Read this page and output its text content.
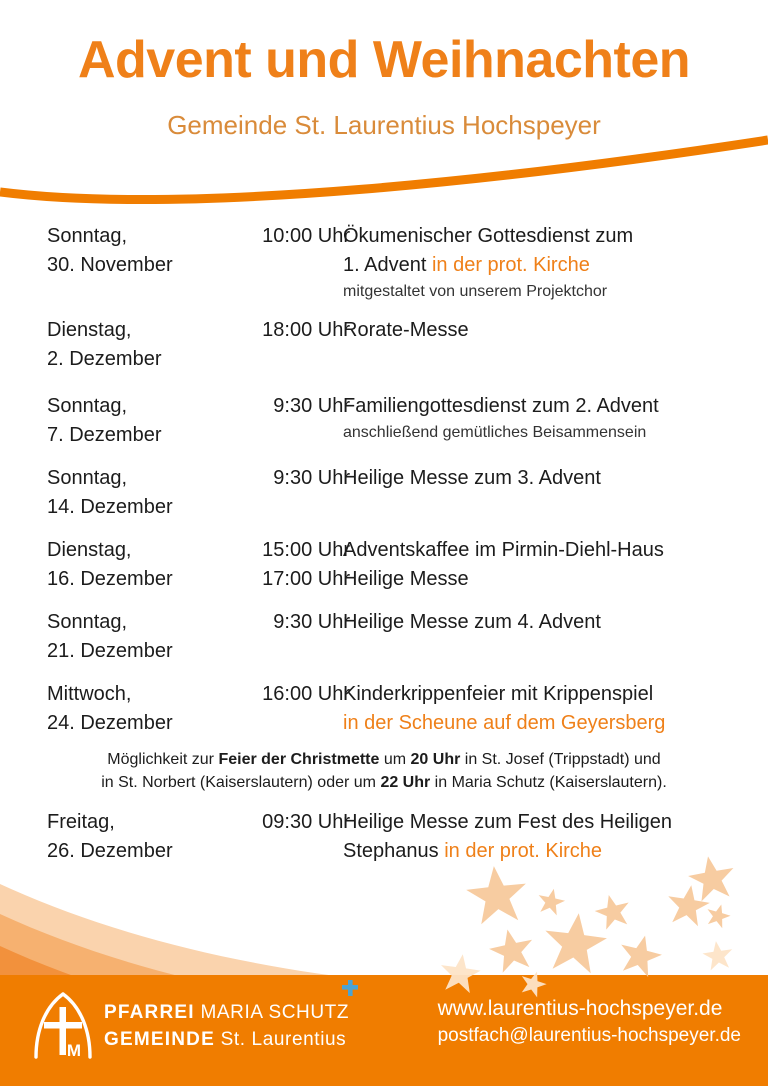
Advent und Weihnachten
Gemeinde St. Laurentius Hochspeyer
Sonntag,
30. November
10:00 Uhr
Ökumenischer Gottesdienst zum
1. Advent in der prot. Kirche
mitgestaltet von unserem Projektchor
Dienstag,
2. Dezember
18:00 Uhr
Rorate-Messe
Sonntag,
7. Dezember
9:30 Uhr
Familiengottesdienst zum 2. Advent
anschließend gemütliches Beisammensein
Sonntag,
14. Dezember
9:30 Uhr
Heilige Messe zum 3. Advent
Dienstag,
16. Dezember
15:00 Uhr
17:00 Uhr
Adventskaffee im Pirmin-Diehl-Haus
Heilige Messe
Sonntag,
21. Dezember
9:30 Uhr
Heilige Messe zum 4. Advent
Mittwoch,
24. Dezember
16:00 Uhr
Kinderkrippenfeier mit Krippenspiel
in der Scheune auf dem Geyersberg
Freitag,
26. Dezember
09:30 Uhr
Heilige Messe zum Fest des Heiligen
Stephanus in der prot. Kirche
Möglichkeit zur Feier der Christmette um 20 Uhr in St. Josef (Trippstadt) und
in St. Norbert (Kaiserslautern) oder um 22 Uhr in Maria Schutz (Kaiserslautern).
M
PFARREI MARIA SCHUTZ
GEMEINDE St. Laurentius
www.laurentius-hochspeyer.de
postfach@laurentius-hochspeyer.de
